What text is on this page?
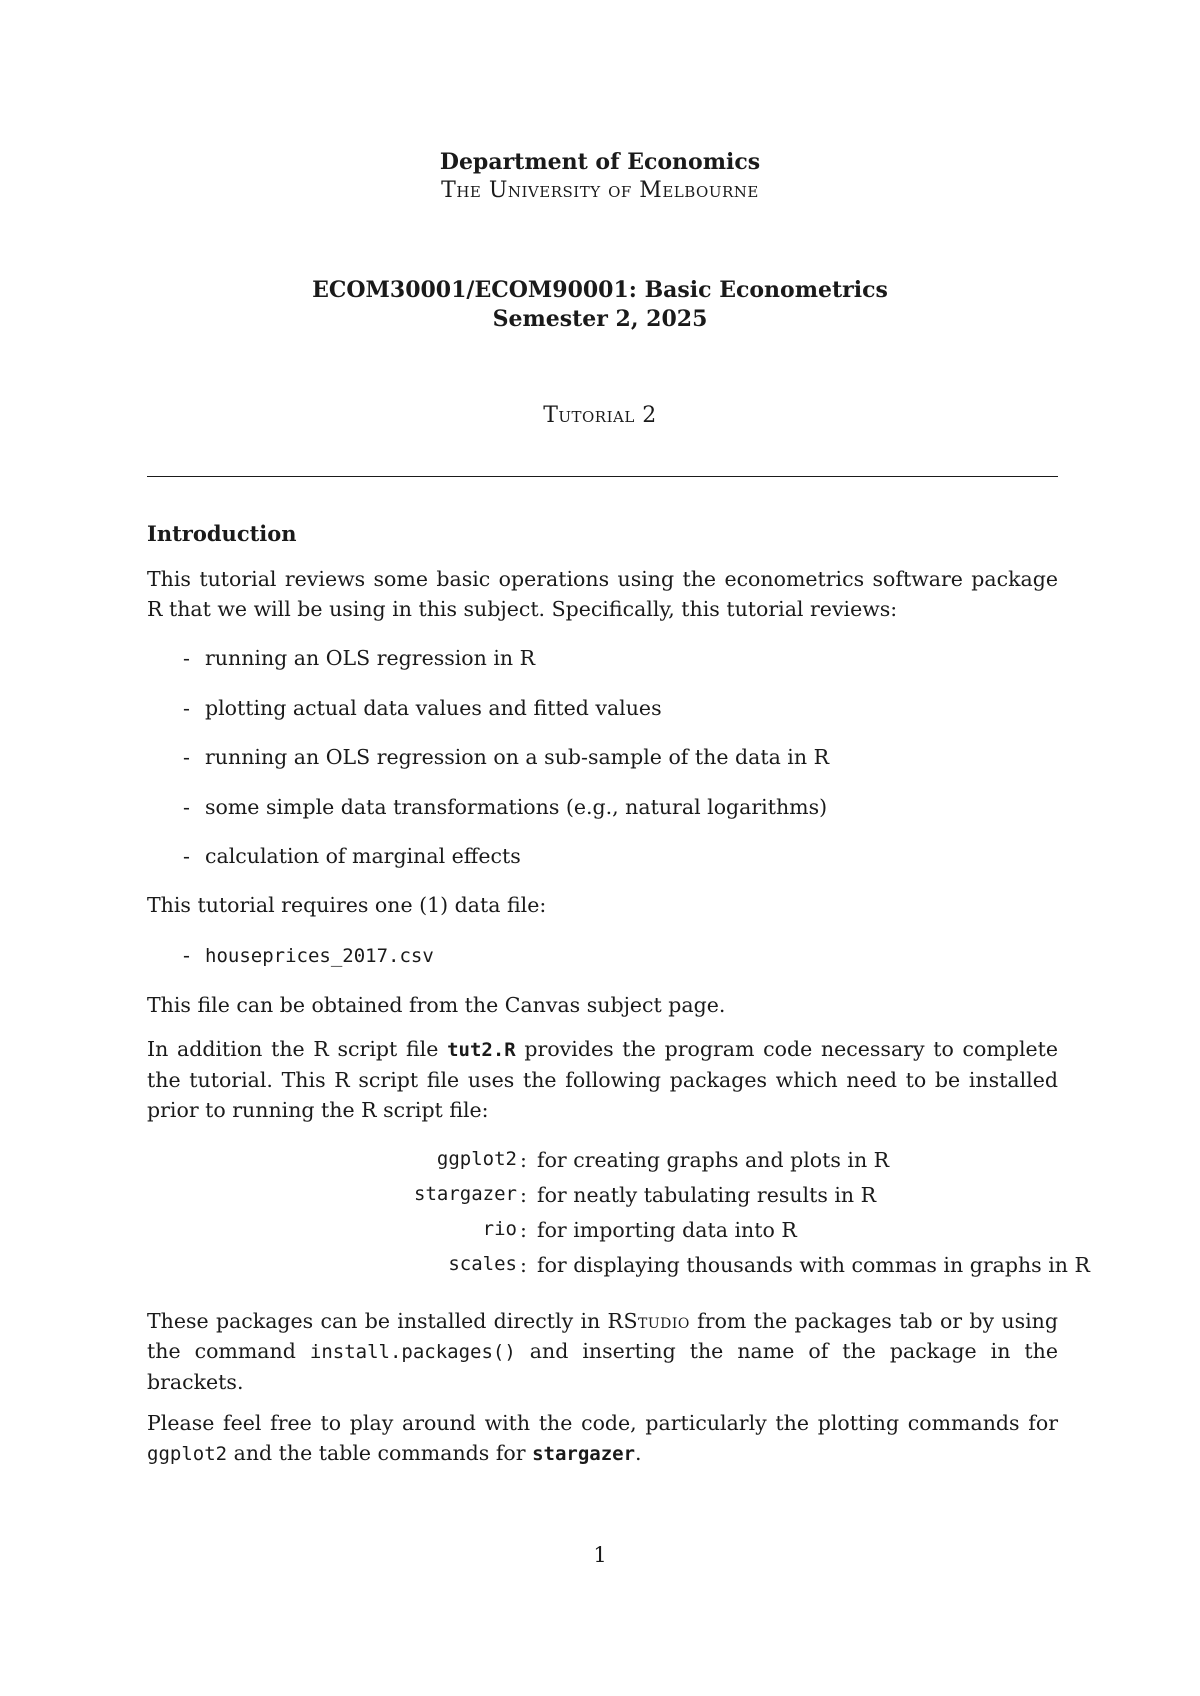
Department of Economics
The University of Melbourne
ECOM30001/ECOM90001: Basic Econometrics
Semester 2, 2025
Tutorial 2
Introduction
This tutorial reviews some basic operations using the econometrics software package R that we will be using in this subject. Specifically, this tutorial reviews:
- running an OLS regression in R
- plotting actual data values and fitted values
- running an OLS regression on a sub-sample of the data in R
- some simple data transformations (e.g., natural logarithms)
- calculation of marginal effects
This tutorial requires one (1) data file:
- houseprices_2017.csv
This file can be obtained from the Canvas subject page.
In addition the R script file tut2.R provides the program code necessary to complete the tutorial. This R script file uses the following packages which need to be installed prior to running the R script file:
ggplot2 : for creating graphs and plots in R
stargazer : for neatly tabulating results in R
rio : for importing data into R
scales : for displaying thousands with commas in graphs in R
These packages can be installed directly in RStudio from the packages tab or by using the command install.packages() and inserting the name of the package in the brackets.
Please feel free to play around with the code, particularly the plotting commands for ggplot2 and the table commands for stargazer.
1
